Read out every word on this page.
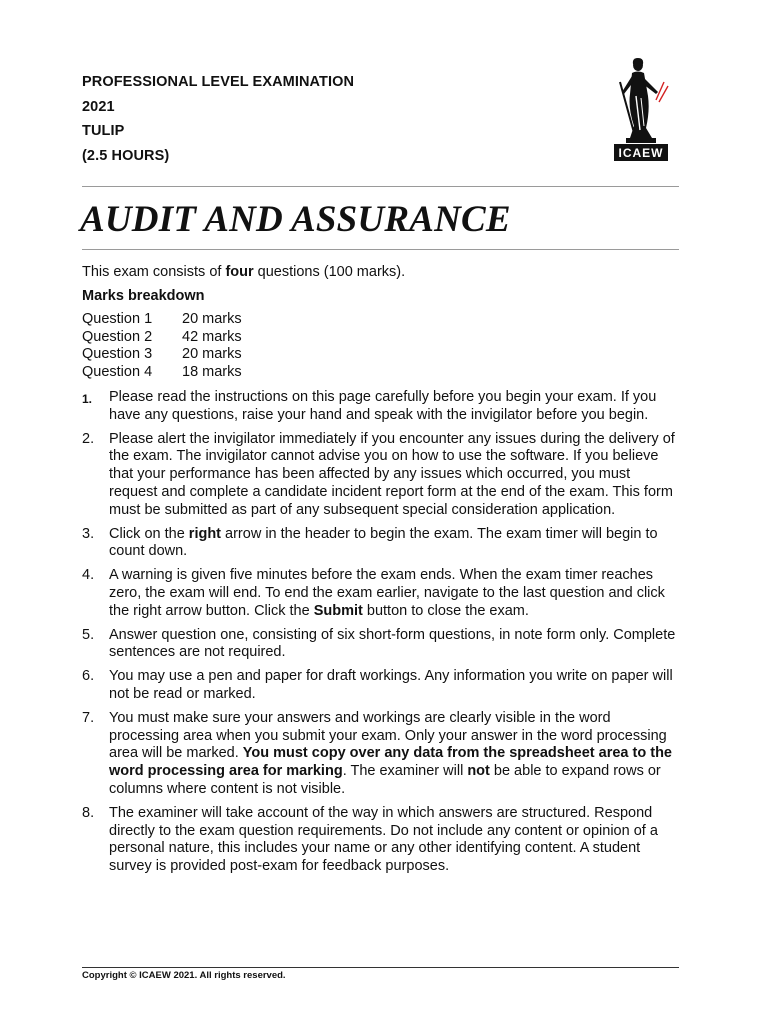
PROFESSIONAL LEVEL EXAMINATION
2021
TULIP
(2.5 HOURS)	ICAEW
AUDIT AND ASSURANCE
This exam consists of four questions (100 marks).
Marks breakdown
Question 1 20 marks
Question 2 42 marks
Question 3 20 marks
Question 4 18 marks
1.	Please read the instructions on this page carefully before you begin your exam. If you have any questions, raise your hand and speak with the invigilator before you begin.
2.	Please alert the invigilator immediately if you encounter any issues during the delivery of the exam. The invigilator cannot advise you on how to use the software. If you believe that your performance has been affected by any issues which occurred, you must request and complete a candidate incident report form at the end of the exam. This form must be submitted as part of any subsequent special consideration application.
3.	Click on the right arrow in the header to begin the exam. The exam timer will begin to count down.
4.	A warning is given five minutes before the exam ends. When the exam timer reaches zero, the exam will end. To end the exam earlier, navigate to the last question and click the right arrow button. Click the Submit button to close the exam.
5.	Answer question one, consisting of six short-form questions, in note form only. Complete sentences are not required.
6.	You may use a pen and paper for draft workings. Any information you write on paper will not be read or marked.
7.	You must make sure your answers and workings are clearly visible in the word processing area when you submit your exam. Only your answer in the word processing area will be marked. You must copy over any data from the spreadsheet area to the word processing area for marking. The examiner will not be able to expand rows or columns where content is not visible.
8.	The examiner will take account of the way in which answers are structured. Respond directly to the exam question requirements. Do not include any content or opinion of a personal nature, this includes your name or any other identifying content. A student survey is provided post-exam for feedback purposes.
Copyright © ICAEW 2021. All rights reserved.
